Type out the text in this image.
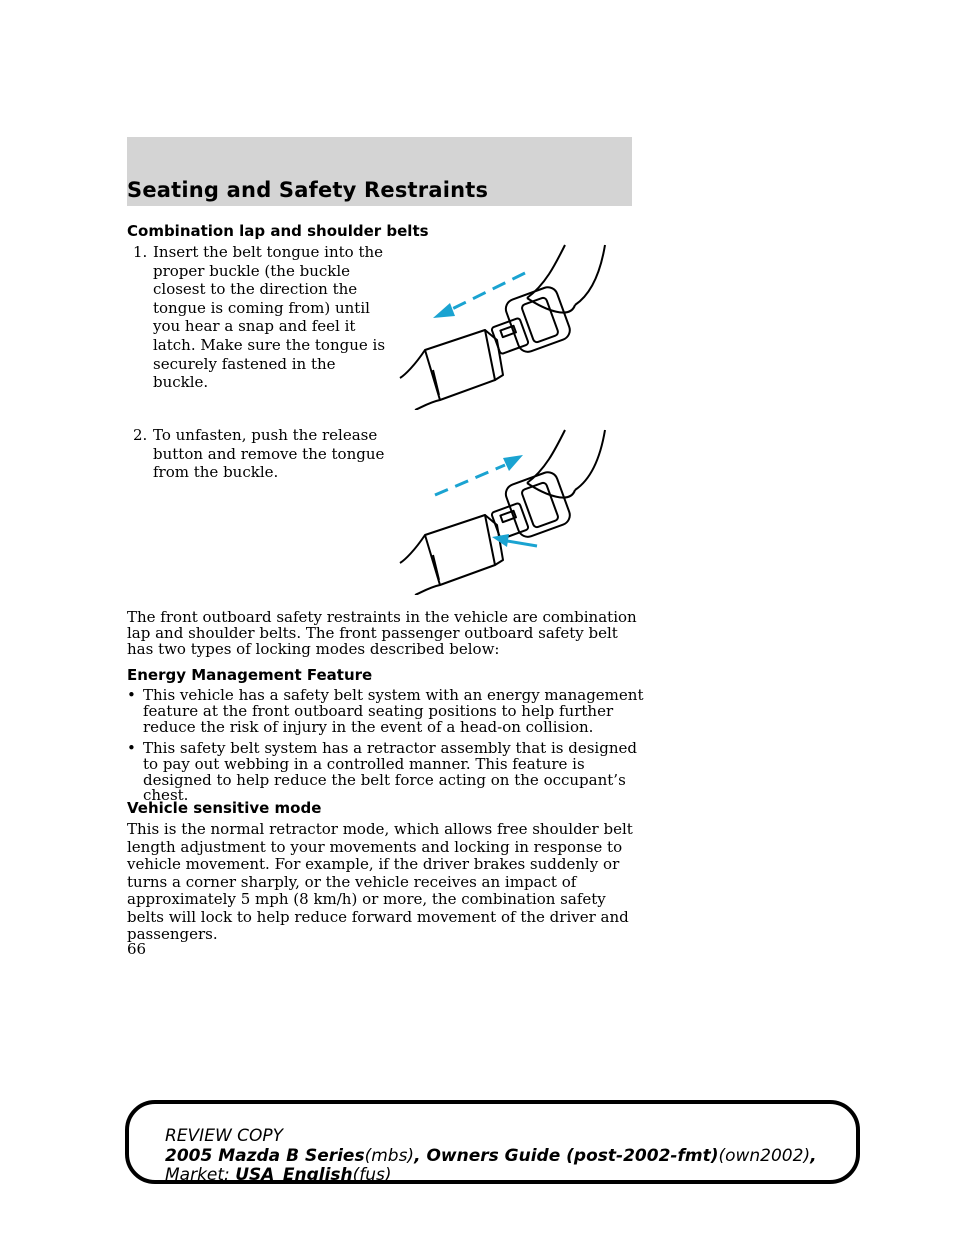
Seating and Safety Restraints
Combination lap and shoulder belts
1. Insert the belt tongue into the proper buckle (the buckle closest to the direction the tongue is coming from) until you hear a snap and feel it latch. Make sure the tongue is securely fastened in the buckle.
2. To unfasten, push the release button and remove the tongue from the buckle.
The front outboard safety restraints in the vehicle are combination lap and shoulder belts. The front passenger outboard safety belt has two types of locking modes described below:
Energy Management Feature
• This vehicle has a safety belt system with an energy management feature at the front outboard seating positions to help further reduce the risk of injury in the event of a head-on collision.
• This safety belt system has a retractor assembly that is designed to pay out webbing in a controlled manner. This feature is designed to help reduce the belt force acting on the occupant’s chest.
Vehicle sensitive mode
This is the normal retractor mode, which allows free shoulder belt length adjustment to your movements and locking in response to vehicle movement. For example, if the driver brakes suddenly or turns a corner sharply, or the vehicle receives an impact of approximately 5 mph (8 km/h) or more, the combination safety belts will lock to help reduce forward movement of the driver and passengers.
66
REVIEW COPY
2005 Mazda B Series(mbs), Owners Guide (post-2002-fmt)(own2002),
Market: USA_English(fus)
